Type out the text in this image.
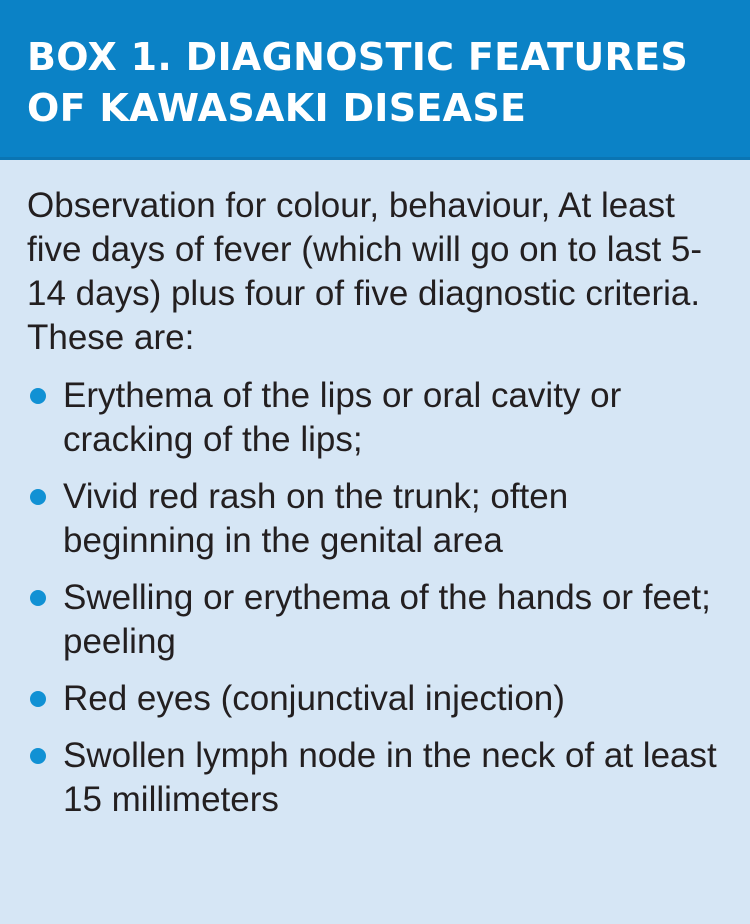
BOX 1. DIAGNOSTIC FEATURES
OF KAWASAKI DISEASE

Observation for colour, behaviour, At least five days of fever (which will go on to last 5-14 days) plus four of five diagnostic criteria. These are:

Erythema of the lips or oral cavity or cracking of the lips;
Vivid red rash on the trunk; often beginning in the genital area
Swelling or erythema of the hands or feet; peeling
Red eyes (conjunctival injection)
Swollen lymph node in the neck of at least 15 millimeters
